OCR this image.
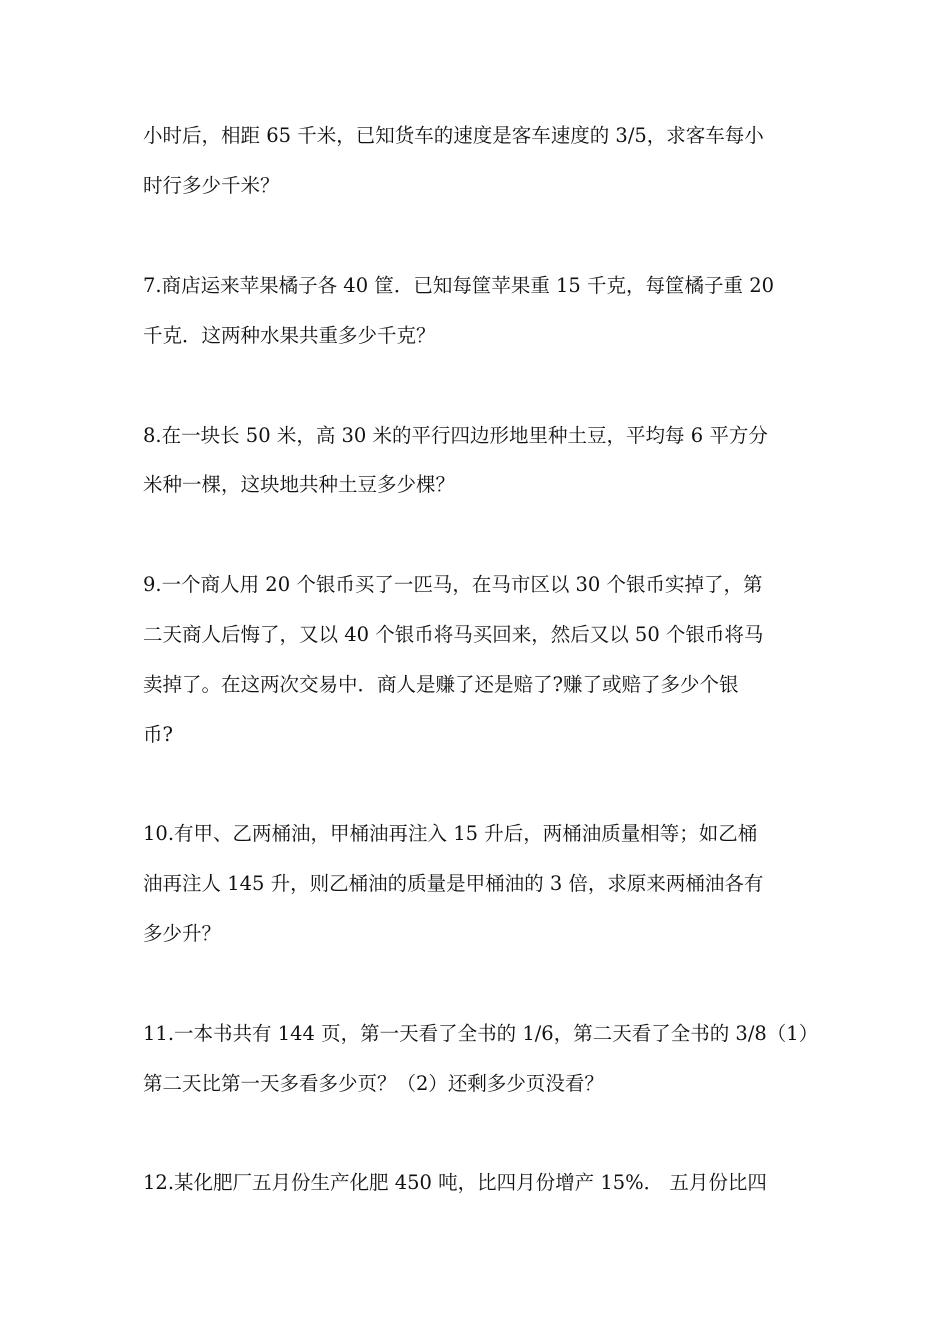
小时后，相距 65 千米，已知货车的速度是客车速度的 3/5，求客车每小
时行多少千米？
7.商店运来苹果橘子各 40 筐．已知每筐苹果重 15 千克，每筐橘子重 20
千克．这两种水果共重多少千克？
8.在一块长 50 米，高 30 米的平行四边形地里种土豆，平均每 6 平方分
米种一棵，这块地共种土豆多少棵？
9.一个商人用 20 个银币买了一匹马，在马市区以 30 个银币实掉了，第
二天商人后悔了，又以 40 个银币将马买回来，然后又以 50 个银币将马
卖掉了。在这两次交易中．商人是赚了还是赔了?赚了或赔了多少个银
币?
10.有甲、乙两桶油，甲桶油再注入 15 升后，两桶油质量相等；如乙桶
油再注人 145 升，则乙桶油的质量是甲桶油的 3 倍，求原来两桶油各有
多少升？
11.一本书共有 144 页，第一天看了全书的 1/6，第二天看了全书的 3/8（1）
第二天比第一天多看多少页？（2）还剩多少页没看？
12.某化肥厂五月份生产化肥 450 吨，比四月份增产 15%． 五月份比四
